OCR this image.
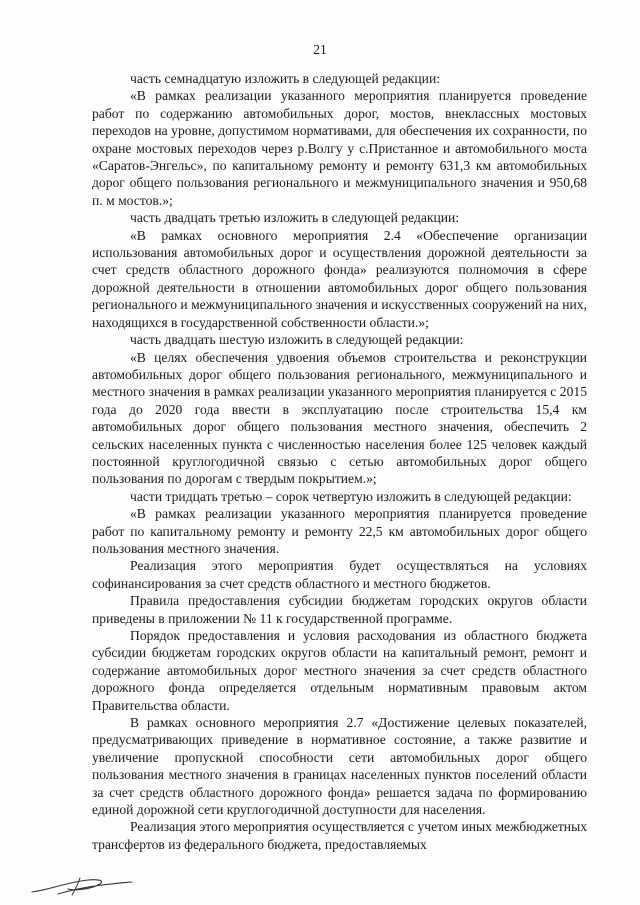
21

часть семнадцатую изложить в следующей редакции:

«В рамках реализации указанного мероприятия планируется проведение работ по содержанию автомобильных дорог, мостов, внеклассных мостовых переходов на уровне, допустимом нормативами, для обеспечения их сохранности, по охране мостовых переходов через р.Волгу у с.Пристанное и автомобильного моста «Саратов-Энгельс», по капитальному ремонту и ремонту 631,3 км автомобильных дорог общего пользования регионального и межмуниципального значения и 950,68 п. м мостов.»;

часть двадцать третью изложить в следующей редакции:

«В рамках основного мероприятия 2.4 «Обеспечение организации использования автомобильных дорог и осуществления дорожной деятельности за счет средств областного дорожного фонда» реализуются полномочия в сфере дорожной деятельности в отношении автомобильных дорог общего пользования регионального и межмуниципального значения и искусственных сооружений на них, находящихся в государственной собственности области.»;

часть двадцать шестую изложить в следующей редакции:

«В целях обеспечения удвоения объемов строительства и реконструкции автомобильных дорог общего пользования регионального, межмуниципального и местного значения в рамках реализации указанного мероприятия планируется с 2015 года до 2020 года ввести в эксплуатацию после строительства 15,4 км автомобильных дорог общего пользования местного значения, обеспечить 2 сельских населенных пункта с численностью населения более 125 человек каждый постоянной круглогодичной связью с сетью автомобильных дорог общего пользования по дорогам с твердым покрытием.»;

части тридцать третью – сорок четвертую изложить в следующей редакции:

«В рамках реализации указанного мероприятия планируется проведение работ по капитальному ремонту и ремонту 22,5 км автомобильных дорог общего пользования местного значения.

Реализация этого мероприятия будет осуществляться на условиях софинансирования за счет средств областного и местного бюджетов.

Правила предоставления субсидии бюджетам городских округов области приведены в приложении № 11 к государственной программе.

Порядок предоставления и условия расходования из областного бюджета субсидии бюджетам городских округов области на капитальный ремонт, ремонт и содержание автомобильных дорог местного значения за счет средств областного дорожного фонда определяется отдельным нормативным правовым актом Правительства области.

В рамках основного мероприятия 2.7 «Достижение целевых показателей, предусматривающих приведение в нормативное состояние, а также развитие и увеличение пропускной способности сети автомобильных дорог общего пользования местного значения в границах населенных пунктов поселений области за счет средств областного дорожного фонда» решается задача по формированию единой дорожной сети круглогодичной доступности для населения.

Реализация этого мероприятия осуществляется с учетом иных межбюджетных трансфертов из федерального бюджета, предоставляемых
